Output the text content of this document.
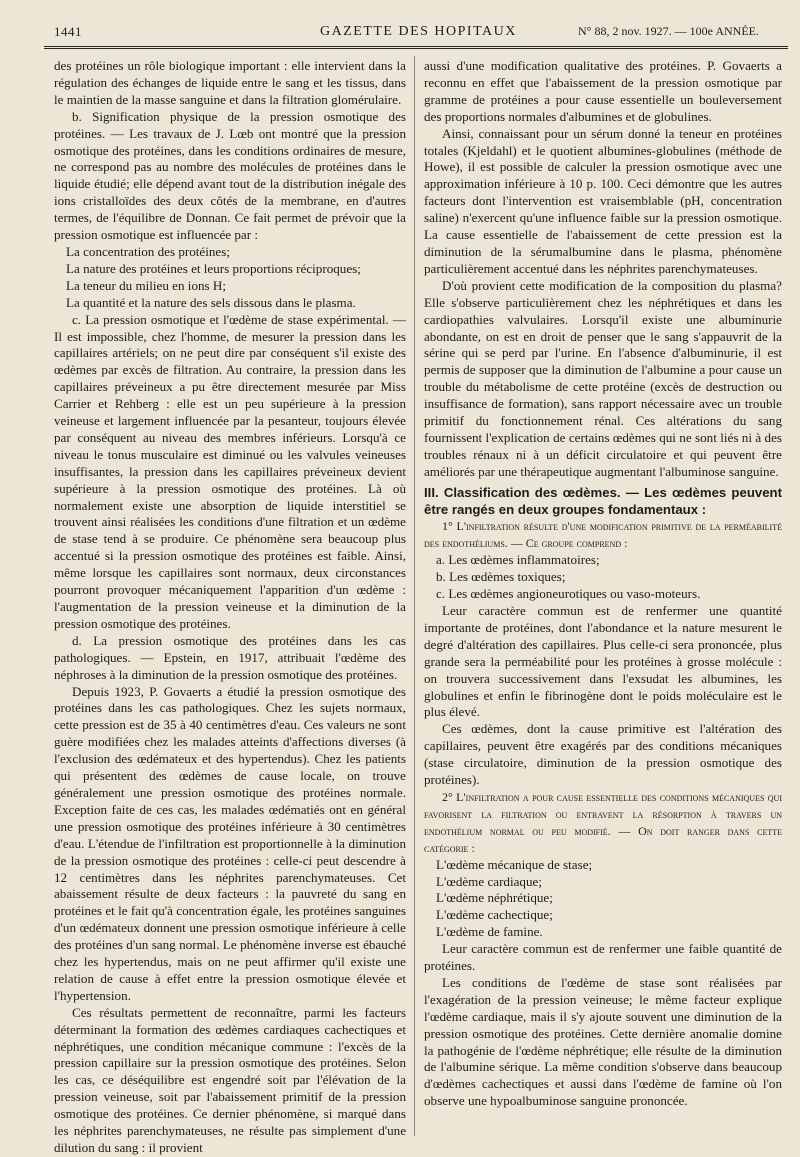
1441	GAZETTE DES HOPITAUX	N° 88, 2 nov. 1927. — 100e ANNÉE.

des protéines un rôle biologique important : elle intervient dans la régulation des échanges de liquide entre le sang et les tissus, dans le maintien de la masse sanguine et dans la filtration glomérulaire.

b. Signification physique de la pression osmotique des protéines. — Les travaux de J. Lœb ont montré que la pression osmotique des protéines, dans les conditions ordinaires de mesure, ne correspond pas au nombre des molécules de protéines dans le liquide étudié; elle dépend avant tout de la distribution inégale des ions cristalloïdes des deux côtés de la membrane, en d'autres termes, de l'équilibre de Donnan. Ce fait permet de prévoir que la pression osmotique est influencée par :

La concentration des protéines;

La nature des protéines et leurs proportions réciproques;

La teneur du milieu en ions H;

La quantité et la nature des sels dissous dans le plasma.

c. La pression osmotique et l'œdème de stase expérimental. — Il est impossible, chez l'homme, de mesurer la pression dans les capillaires artériels; on ne peut dire par conséquent s'il existe des œdèmes par excès de filtration. Au contraire, la pression dans les capillaires préveineux a pu être directement mesurée par Miss Carrier et Rehberg : elle est un peu supérieure à la pression veineuse et largement influencée par la pesanteur, toujours élevée par conséquent au niveau des membres inférieurs. Lorsqu'à ce niveau le tonus musculaire est diminué ou les valvules veineuses insuffisantes, la pression dans les capillaires préveineux devient supérieure à la pression osmotique des protéines. Là où normalement existe une absorption de liquide interstitiel se trouvent ainsi réalisées les conditions d'une filtration et un œdème de stase tend à se produire. Ce phénomène sera beaucoup plus accentué si la pression osmotique des protéines est faible. Ainsi, même lorsque les capillaires sont normaux, deux circonstances pourront provoquer mécaniquement l'apparition d'un œdème : l'augmentation de la pression veineuse et la diminution de la pression osmotique des protéines.

d. La pression osmotique des protéines dans les cas pathologiques. — Epstein, en 1917, attribuait l'œdème des néphroses à la diminution de la pression osmotique des protéines.

Depuis 1923, P. Govaerts a étudié la pression osmotique des protéines dans les cas pathologiques. Chez les sujets normaux, cette pression est de 35 à 40 centimètres d'eau. Ces valeurs ne sont guère modifiées chez les malades atteints d'affections diverses (à l'exclusion des œdémateux et des hypertendus). Chez les patients qui présentent des œdèmes de cause locale, on trouve généralement une pression osmotique des protéines normale. Exception faite de ces cas, les malades œdématiés ont en général une pression osmotique des protéines inférieure à 30 centimètres d'eau. L'étendue de l'infiltration est proportionnelle à la diminution de la pression osmotique des protéines : celle-ci peut descendre à 12 centimètres dans les néphrites parenchymateuses. Cet abaissement résulte de deux facteurs : la pauvreté du sang en protéines et le fait qu'à concentration égale, les protéines sanguines d'un œdémateux donnent une pression osmotique inférieure à celle des protéines d'un sang normal. Le phénomène inverse est ébauché chez les hypertendus, mais on ne peut affirmer qu'il existe une relation de cause à effet entre la pression osmotique élevée et l'hypertension.

Ces résultats permettent de reconnaître, parmi les facteurs déterminant la formation des œdèmes cardiaques cachectiques et néphrétiques, une condition mécanique commune : l'excès de la pression capillaire sur la pression osmotique des protéines. Selon les cas, ce déséquilibre est engendré soit par l'élévation de la pression veineuse, soit par l'abaissement primitif de la pression osmotique des protéines. Ce dernier phénomène, si marqué dans les néphrites parenchymateuses, ne résulte pas simplement d'une dilution du sang : il provient

aussi d'une modification qualitative des protéines. P. Govaerts a reconnu en effet que l'abaissement de la pression osmotique par gramme de protéines a pour cause essentielle un bouleversement des proportions normales d'albumines et de globulines.

Ainsi, connaissant pour un sérum donné la teneur en protéines totales (Kjeldahl) et le quotient albumines-globulines (méthode de Howe), il est possible de calculer la pression osmotique avec une approximation inférieure à 10 p. 100. Ceci démontre que les autres facteurs dont l'intervention est vraisemblable (pH, concentration saline) n'exercent qu'une influence faible sur la pression osmotique. La cause essentielle de l'abaissement de cette pression est la diminution de la sérumalbumine dans le plasma, phénomène particulièrement accentué dans les néphrites parenchymateuses.

D'où provient cette modification de la composition du plasma? Elle s'observe particulièrement chez les néphrétiques et dans les cardiopathies valvulaires. Lorsqu'il existe une albuminurie abondante, on est en droit de penser que le sang s'appauvrit de la sérine qui se perd par l'urine. En l'absence d'albuminurie, il est permis de supposer que la diminution de l'albumine a pour cause un trouble du métabolisme de cette protéine (excès de destruction ou insuffisance de formation), sans rapport nécessaire avec un trouble primitif du fonctionnement rénal. Ces altérations du sang fournissent l'explication de certains œdèmes qui ne sont liés ni à des troubles rénaux ni à un déficit circulatoire et qui peuvent être améliorés par une thérapeutique augmentant l'albuminose sanguine.

III. Classification des œdèmes. — Les œdèmes peuvent être rangés en deux groupes fondamentaux :

1° L'infiltration résulte d'une modification primitive de la perméabilité des endothéliums. — Ce groupe comprend :

a. Les œdèmes inflammatoires;

b. Les œdèmes toxiques;

c. Les œdèmes angioneurotiques ou vaso-moteurs.

Leur caractère commun est de renfermer une quantité importante de protéines, dont l'abondance et la nature mesurent le degré d'altération des capillaires. Plus celle-ci sera prononcée, plus grande sera la perméabilité pour les protéines à grosse molécule : on trouvera successivement dans l'exsudat les albumines, les globulines et enfin le fibrinogène dont le poids moléculaire est le plus élevé.

Ces œdèmes, dont la cause primitive est l'altération des capillaires, peuvent être exagérés par des conditions mécaniques (stase circulatoire, diminution de la pression osmotique des protéines).

2° L'infiltration a pour cause essentielle des conditions mécaniques qui favorisent la filtration ou entravent la résorption à travers un endothélium normal ou peu modifié. — On doit ranger dans cette catégorie :

L'œdème mécanique de stase;

L'œdème cardiaque;

L'œdème néphrétique;

L'œdème cachectique;

L'œdème de famine.

Leur caractère commun est de renfermer une faible quantité de protéines.

Les conditions de l'œdème de stase sont réalisées par l'exagération de la pression veineuse; le même facteur explique l'œdème cardiaque, mais il s'y ajoute souvent une diminution de la pression osmotique des protéines. Cette dernière anomalie domine la pathogénie de l'œdème néphrétique; elle résulte de la diminution de l'albumine sérique. La même condition s'observe dans beaucoup d'œdèmes cachectiques et aussi dans l'œdème de famine où l'on observe une hypoalbuminose sanguine prononcée.
